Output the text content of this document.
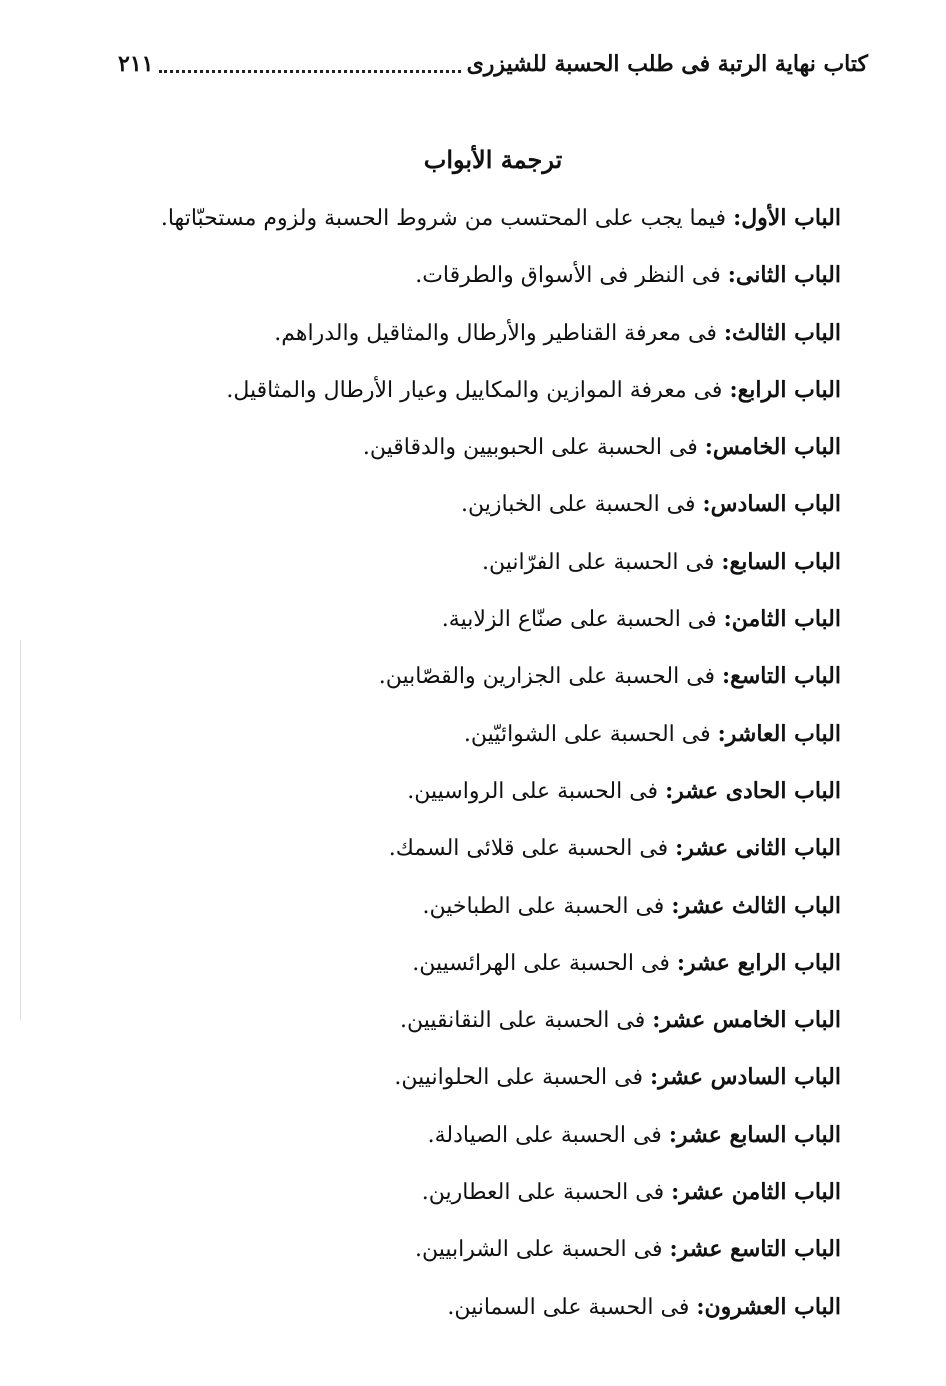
كتاب نهاية الرتبة فى طلب الحسبة للشيزرى
٢١١
ترجمة الأبواب
الباب الأول: فيما يجب على المحتسب من شروط الحسبة ولزوم مستحبّاتها.
الباب الثانى: فى النظر فى الأسواق والطرقات.
الباب الثالث: فى معرفة القناطير والأرطال والمثاقيل والدراهم.
الباب الرابع: فى معرفة الموازين والمكاييل وعيار الأرطال والمثاقيل.
الباب الخامس: فى الحسبة على الحبوبيين والدقاقين.
الباب السادس: فى الحسبة على الخبازين.
الباب السابع: فى الحسبة على الفرّانين.
الباب الثامن: فى الحسبة على صنّاع الزلابية.
الباب التاسع: فى الحسبة على الجزارين والقصّابين.
الباب العاشر: فى الحسبة على الشوائيّين.
الباب الحادى عشر: فى الحسبة على الرواسيين.
الباب الثانى عشر: فى الحسبة على قلائى السمك.
الباب الثالث عشر: فى الحسبة على الطباخين.
الباب الرابع عشر: فى الحسبة على الهرائسيين.
الباب الخامس عشر: فى الحسبة على النقانقيين.
الباب السادس عشر: فى الحسبة على الحلوانيين.
الباب السابع عشر: فى الحسبة على الصيادلة.
الباب الثامن عشر: فى الحسبة على العطارين.
الباب التاسع عشر: فى الحسبة على الشرابيين.
الباب العشرون: فى الحسبة على السمانين.
